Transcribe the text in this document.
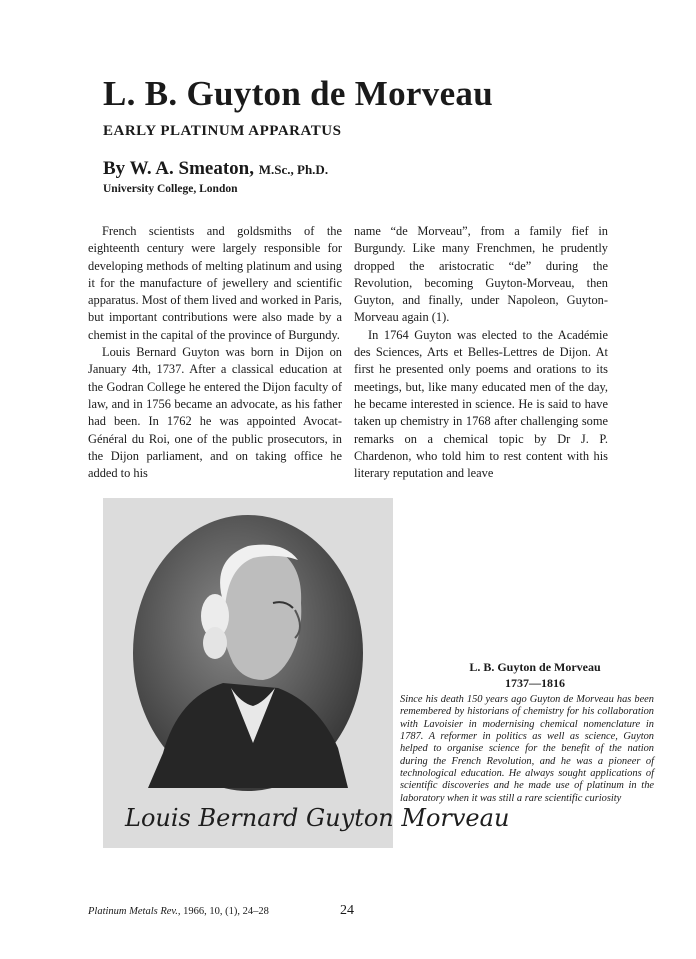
L. B. Guyton de Morveau
EARLY PLATINUM APPARATUS
By W. A. Smeaton, M.Sc., Ph.D.
University College, London

French scientists and goldsmiths of the eighteenth century were largely responsible for developing methods of melting platinum and using it for the manufacture of jewellery and scientific apparatus. Most of them lived and worked in Paris, but important contributions were also made by a chemist in the capital of the province of Burgundy.

Louis Bernard Guyton was born in Dijon on January 4th, 1737. After a classical education at the Godran College he entered the Dijon faculty of law, and in 1756 became an advocate, as his father had been. In 1762 he was appointed Avocat-Général du Roi, one of the public prosecutors, in the Dijon parliament, and on taking office he added to his

name “de Morveau”, from a family fief in Burgundy. Like many Frenchmen, he prudently dropped the aristocratic “de” during the Revolution, becoming Guyton-Morveau, then Guyton, and finally, under Napoleon, Guyton-Morveau again (1).

In 1764 Guyton was elected to the Académie des Sciences, Arts et Belles-Lettres de Dijon. At first he presented only poems and orations to its meetings, but, like many educated men of the day, he became interested in science. He is said to have taken up chemistry in 1768 after challenging some remarks on a chemical topic by Dr J. P. Chardenon, who told him to rest content with his literary reputation and leave

Louis Bernard Guyton Morveau
L. B. Guyton de Morveau
1737—1816
Since his death 150 years ago Guyton de Morveau has been remembered by historians of chemistry for his collaboration with Lavoisier in modernising chemical nomenclature in 1787. A reformer in politics as well as science, Guyton helped to organise science for the benefit of the nation during the French Revolution, and he was a pioneer of technological education. He always sought applications of scientific discoveries and he made use of platinum in the laboratory when it was still a rare scientific curiosity
Platinum Metals Rev., 1966, 10, (1), 24–28	24
